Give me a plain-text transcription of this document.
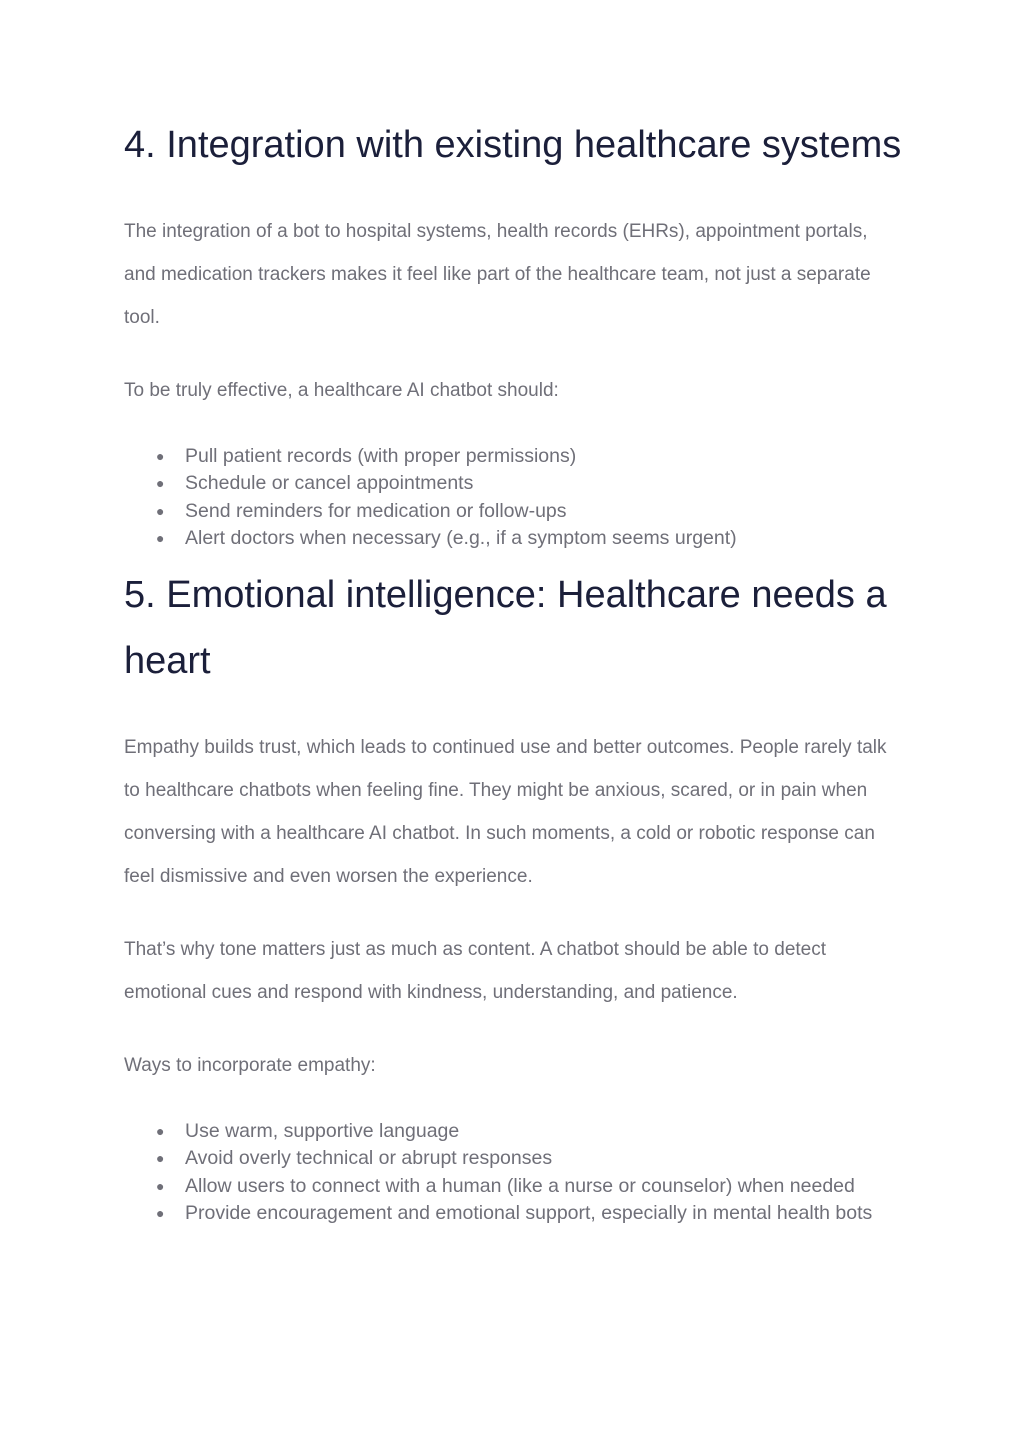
4. Integration with existing healthcare systems

The integration of a bot to hospital systems, health records (EHRs), appointment portals, and medication trackers makes it feel like part of the healthcare team, not just a separate tool.

To be truly effective, a healthcare AI chatbot should:

● Pull patient records (with proper permissions)
● Schedule or cancel appointments
● Send reminders for medication or follow-ups
● Alert doctors when necessary (e.g., if a symptom seems urgent)
5. Emotional intelligence: Healthcare needs a heart

Empathy builds trust, which leads to continued use and better outcomes. People rarely talk to healthcare chatbots when feeling fine. They might be anxious, scared, or in pain when conversing with a healthcare AI chatbot. In such moments, a cold or robotic response can feel dismissive and even worsen the experience.

That’s why tone matters just as much as content. A chatbot should be able to detect emotional cues and respond with kindness, understanding, and patience.

Ways to incorporate empathy:

● Use warm, supportive language
● Avoid overly technical or abrupt responses
● Allow users to connect with a human (like a nurse or counselor) when needed
● Provide encouragement and emotional support, especially in mental health bots
